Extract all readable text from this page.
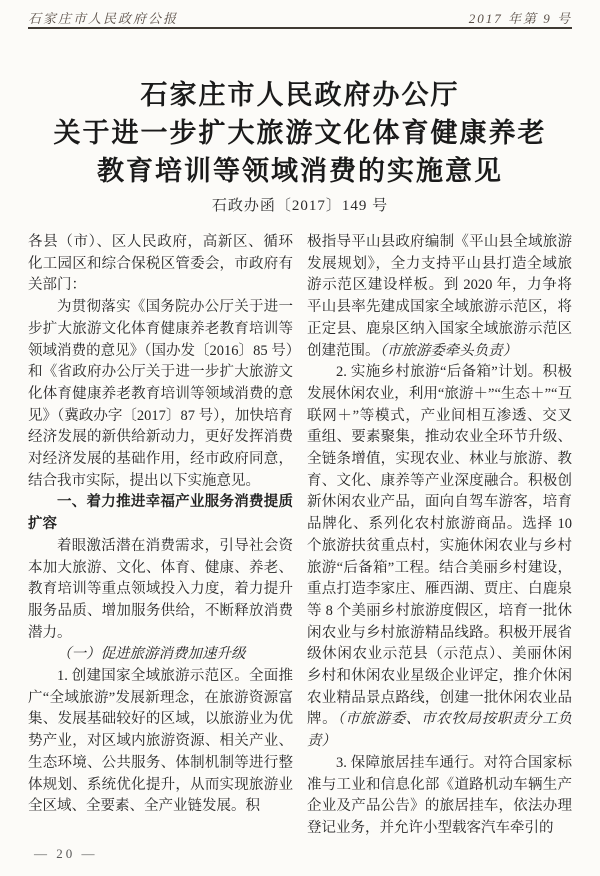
石家庄市人民政府公报	2017 年第 9 号
石家庄市人民政府办公厅
关于进一步扩大旅游文化体育健康养老
教育培训等领域消费的实施意见
石政办函〔2017〕149 号

各县（市）、区人民政府，高新区、循环化工园区和综合保税区管委会，市政府有关部门：

为贯彻落实《国务院办公厅关于进一步扩大旅游文化体育健康养老教育培训等领域消费的意见》（国办发〔2016〕85 号）和《省政府办公厅关于进一步扩大旅游文化体育健康养老教育培训等领域消费的意见》（冀政办字〔2017〕87 号），加快培育经济发展的新供给新动力，更好发挥消费对经济发展的基础作用，经市政府同意，结合我市实际，提出以下实施意见。

一、着力推进幸福产业服务消费提质扩容

着眼激活潜在消费需求，引导社会资本加大旅游、文化、体育、健康、养老、教育培训等重点领域投入力度，着力提升服务品质、增加服务供给，不断释放消费潜力。

（一）促进旅游消费加速升级

1. 创建国家全域旅游示范区。全面推广“全域旅游”发展新理念，在旅游资源富集、发展基础较好的区域，以旅游业为优势产业，对区域内旅游资源、相关产业、生态环境、公共服务、体制机制等进行整体规划、系统优化提升，从而实现旅游业全区域、全要素、全产业链发展。积

极指导平山县政府编制《平山县全域旅游发展规划》，全力支持平山县打造全域旅游示范区建设样板。到 2020 年，力争将平山县率先建成国家全域旅游示范区，将正定县、鹿泉区纳入国家全域旅游示范区创建范围。（市旅游委牵头负责）

2. 实施乡村旅游“后备箱”计划。积极发展休闲农业，利用“旅游＋”“生态＋”“互联网＋”等模式，产业间相互渗透、交叉重组、要素聚集，推动农业全环节升级、全链条增值，实现农业、林业与旅游、教育、文化、康养等产业深度融合。积极创新休闲农业产品，面向自驾车游客，培育品牌化、系列化农村旅游商品。选择 10 个旅游扶贫重点村，实施休闲农业与乡村旅游“后备箱”工程。结合美丽乡村建设，重点打造李家庄、雁西湖、贾庄、白鹿泉等 8 个美丽乡村旅游度假区，培育一批休闲农业与乡村旅游精品线路。积极开展省级休闲农业示范县（示范点）、美丽休闲乡村和休闲农业星级企业评定，推介休闲农业精品景点路线，创建一批休闲农业品牌。（市旅游委、市农牧局按职责分工负责）

3. 保障旅居挂车通行。对符合国家标准与工业和信息化部《道路机动车辆生产企业及产品公告》的旅居挂车，依法办理登记业务，并允许小型载客汽车牵引的

— 20 —
